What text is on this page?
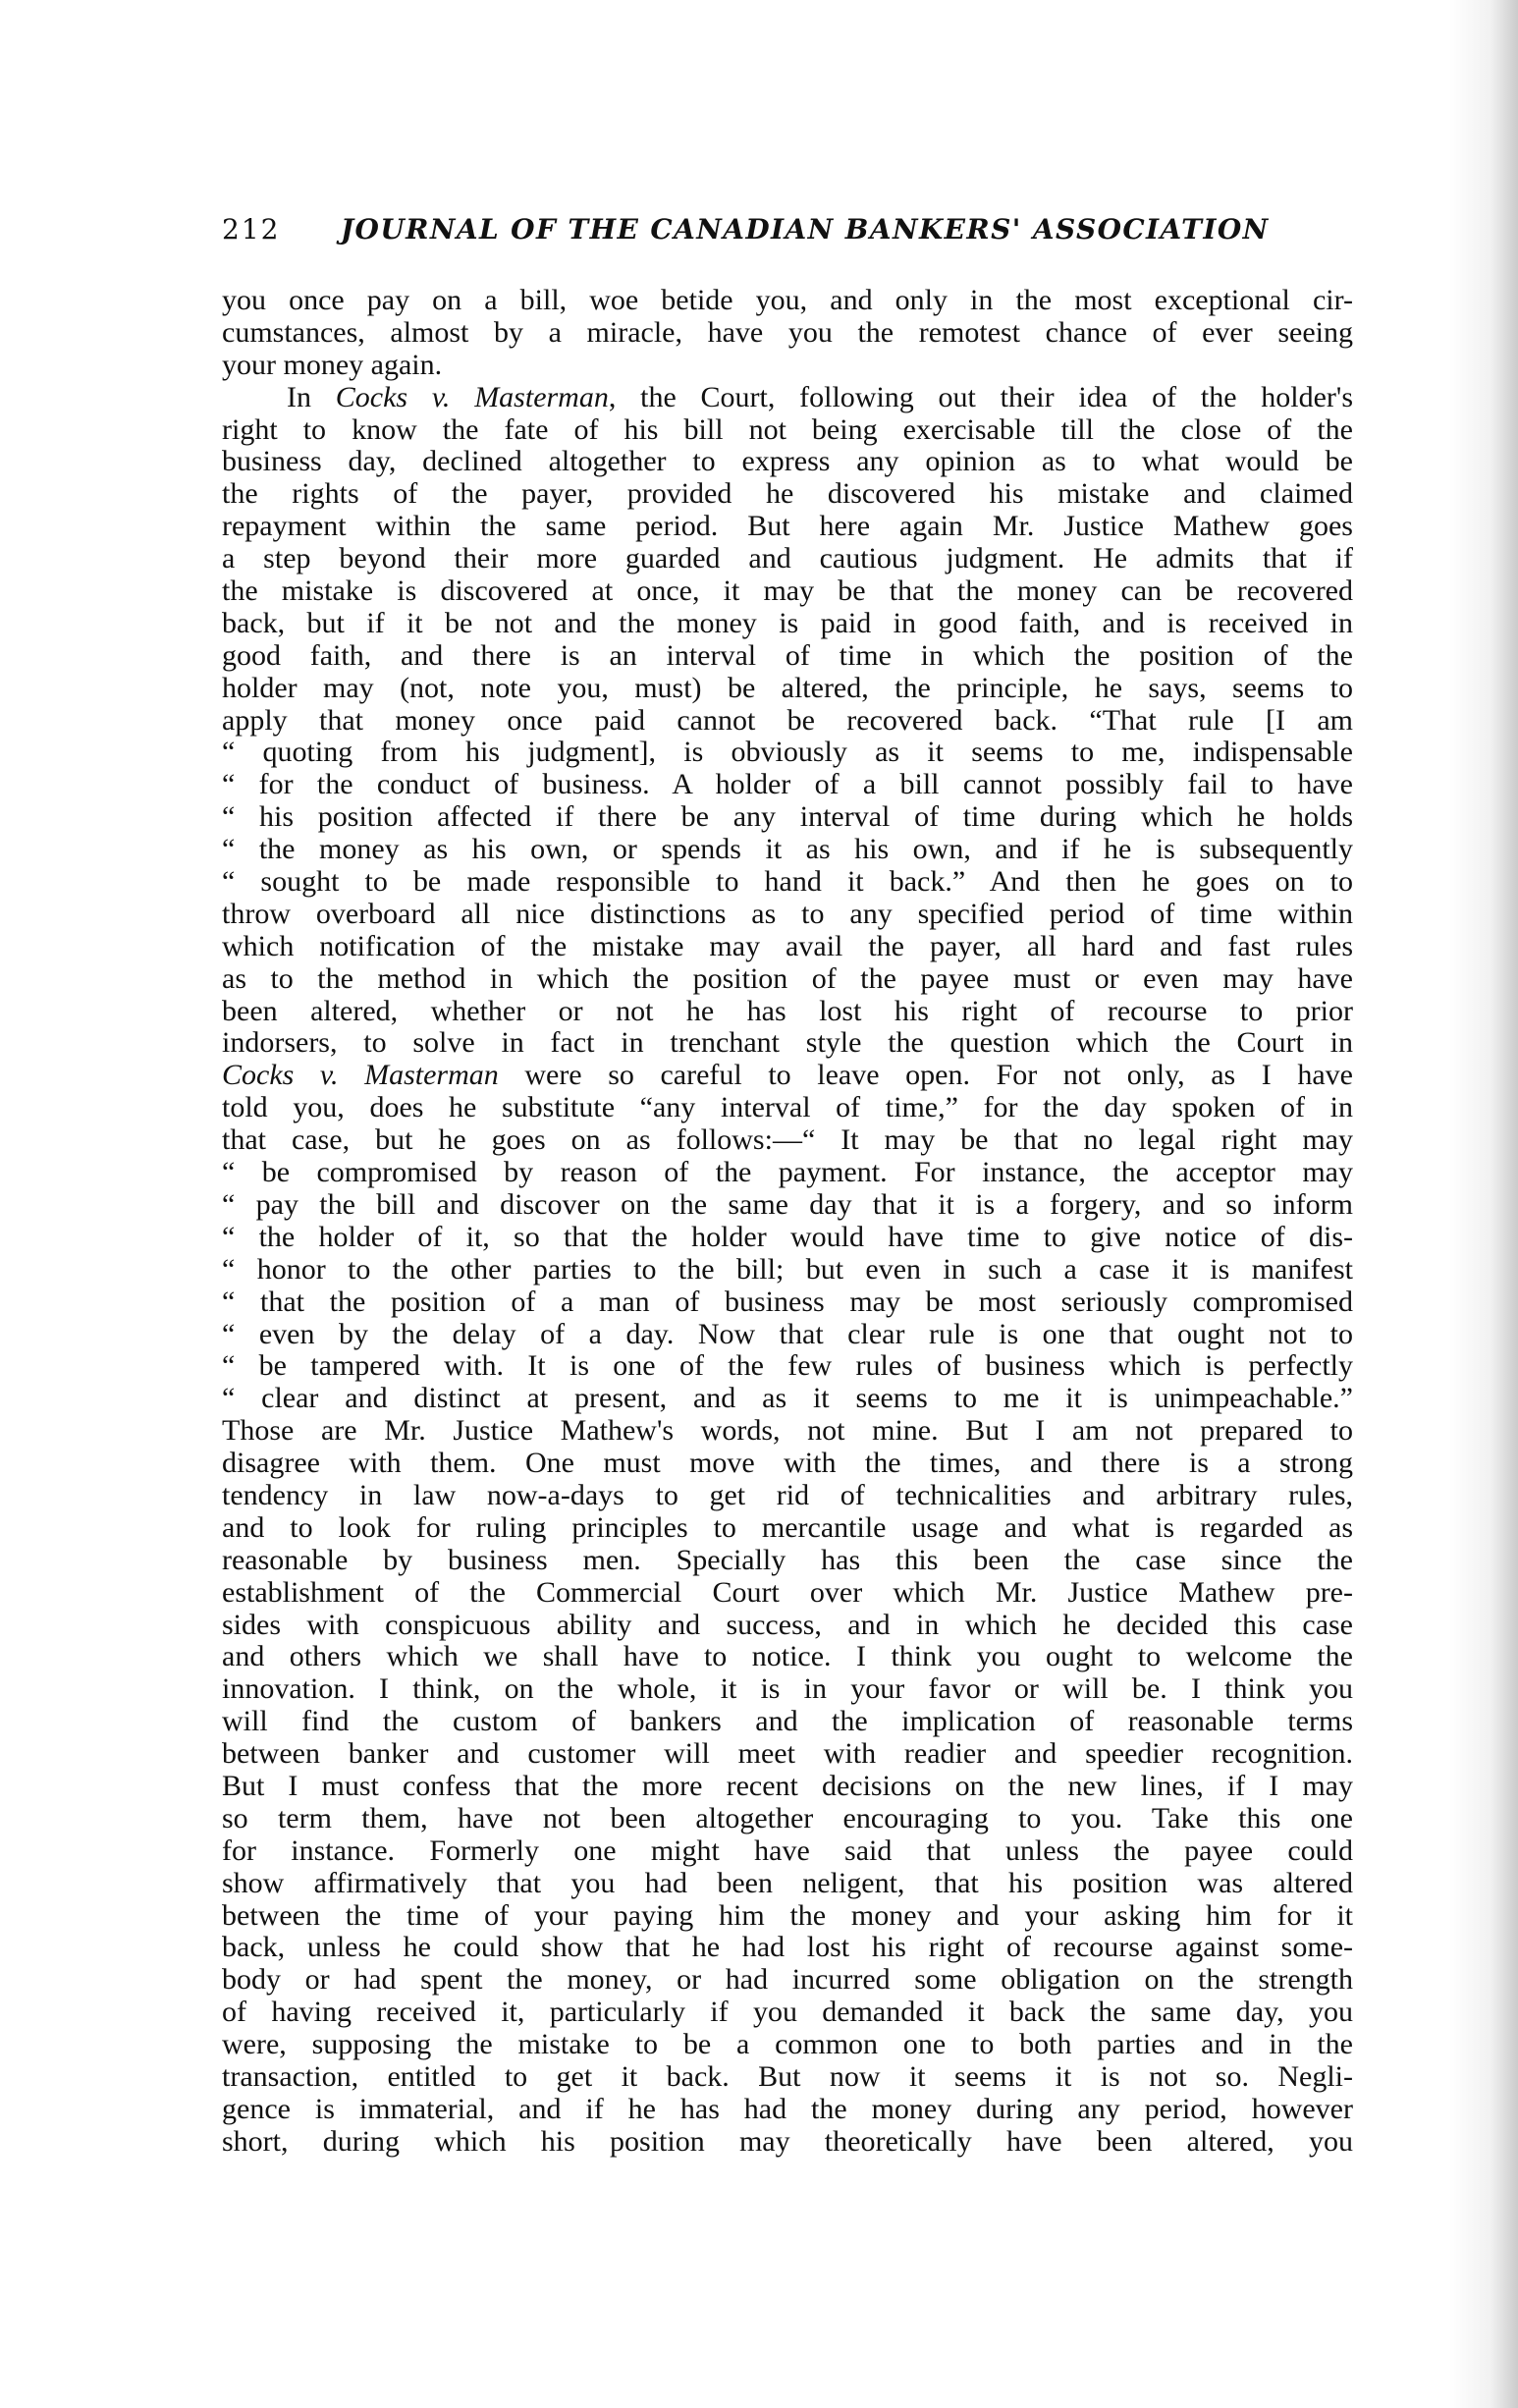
212 JOURNAL OF THE CANADIAN BANKERS' ASSOCIATION
you once pay on a bill, woe betide you, and only in the most exceptional cir-
cumstances, almost by a miracle, have you the remotest chance of ever seeing
your money again.
In Cocks v. Masterman, the Court, following out their idea of the holder's
right to know the fate of his bill not being exercisable till the close of the
business day, declined altogether to express any opinion as to what would be
the rights of the payer, provided he discovered his mistake and claimed
repayment within the same period. But here again Mr. Justice Mathew goes
a step beyond their more guarded and cautious judgment. He admits that if
the mistake is discovered at once, it may be that the money can be recovered
back, but if it be not and the money is paid in good faith, and is received in
good faith, and there is an interval of time in which the position of the
holder may (not, note you, must) be altered, the principle, he says, seems to
apply that money once paid cannot be recovered back. “That rule [I am
“ quoting from his judgment], is obviously as it seems to me, indispensable
“ for the conduct of business. A holder of a bill cannot possibly fail to have
“ his position affected if there be any interval of time during which he holds
“ the money as his own, or spends it as his own, and if he is subsequently
“ sought to be made responsible to hand it back.” And then he goes on to
throw overboard all nice distinctions as to any specified period of time within
which notification of the mistake may avail the payer, all hard and fast rules
as to the method in which the position of the payee must or even may have
been altered, whether or not he has lost his right of recourse to prior
indorsers, to solve in fact in trenchant style the question which the Court in
Cocks v. Masterman were so careful to leave open. For not only, as I have
told you, does he substitute “any interval of time,” for the day spoken of in
that case, but he goes on as follows:—“ It may be that no legal right may
“ be compromised by reason of the payment. For instance, the acceptor may
“ pay the bill and discover on the same day that it is a forgery, and so inform
“ the holder of it, so that the holder would have time to give notice of dis-
“ honor to the other parties to the bill; but even in such a case it is manifest
“ that the position of a man of business may be most seriously compromised
“ even by the delay of a day. Now that clear rule is one that ought not to
“ be tampered with. It is one of the few rules of business which is perfectly
“ clear and distinct at present, and as it seems to me it is unimpeachable.”
Those are Mr. Justice Mathew's words, not mine. But I am not prepared to
disagree with them. One must move with the times, and there is a strong
tendency in law now-a-days to get rid of technicalities and arbitrary rules,
and to look for ruling principles to mercantile usage and what is regarded as
reasonable by business men. Specially has this been the case since the
establishment of the Commercial Court over which Mr. Justice Mathew pre-
sides with conspicuous ability and success, and in which he decided this case
and others which we shall have to notice. I think you ought to welcome the
innovation. I think, on the whole, it is in your favor or will be. I think you
will find the custom of bankers and the implication of reasonable terms
between banker and customer will meet with readier and speedier recognition.
But I must confess that the more recent decisions on the new lines, if I may
so term them, have not been altogether encouraging to you. Take this one
for instance. Formerly one might have said that unless the payee could
show affirmatively that you had been neligent, that his position was altered
between the time of your paying him the money and your asking him for it
back, unless he could show that he had lost his right of recourse against some-
body or had spent the money, or had incurred some obligation on the strength
of having received it, particularly if you demanded it back the same day, you
were, supposing the mistake to be a common one to both parties and in the
transaction, entitled to get it back. But now it seems it is not so. Negli-
gence is immaterial, and if he has had the money during any period, however
short, during which his position may theoretically have been altered, you
